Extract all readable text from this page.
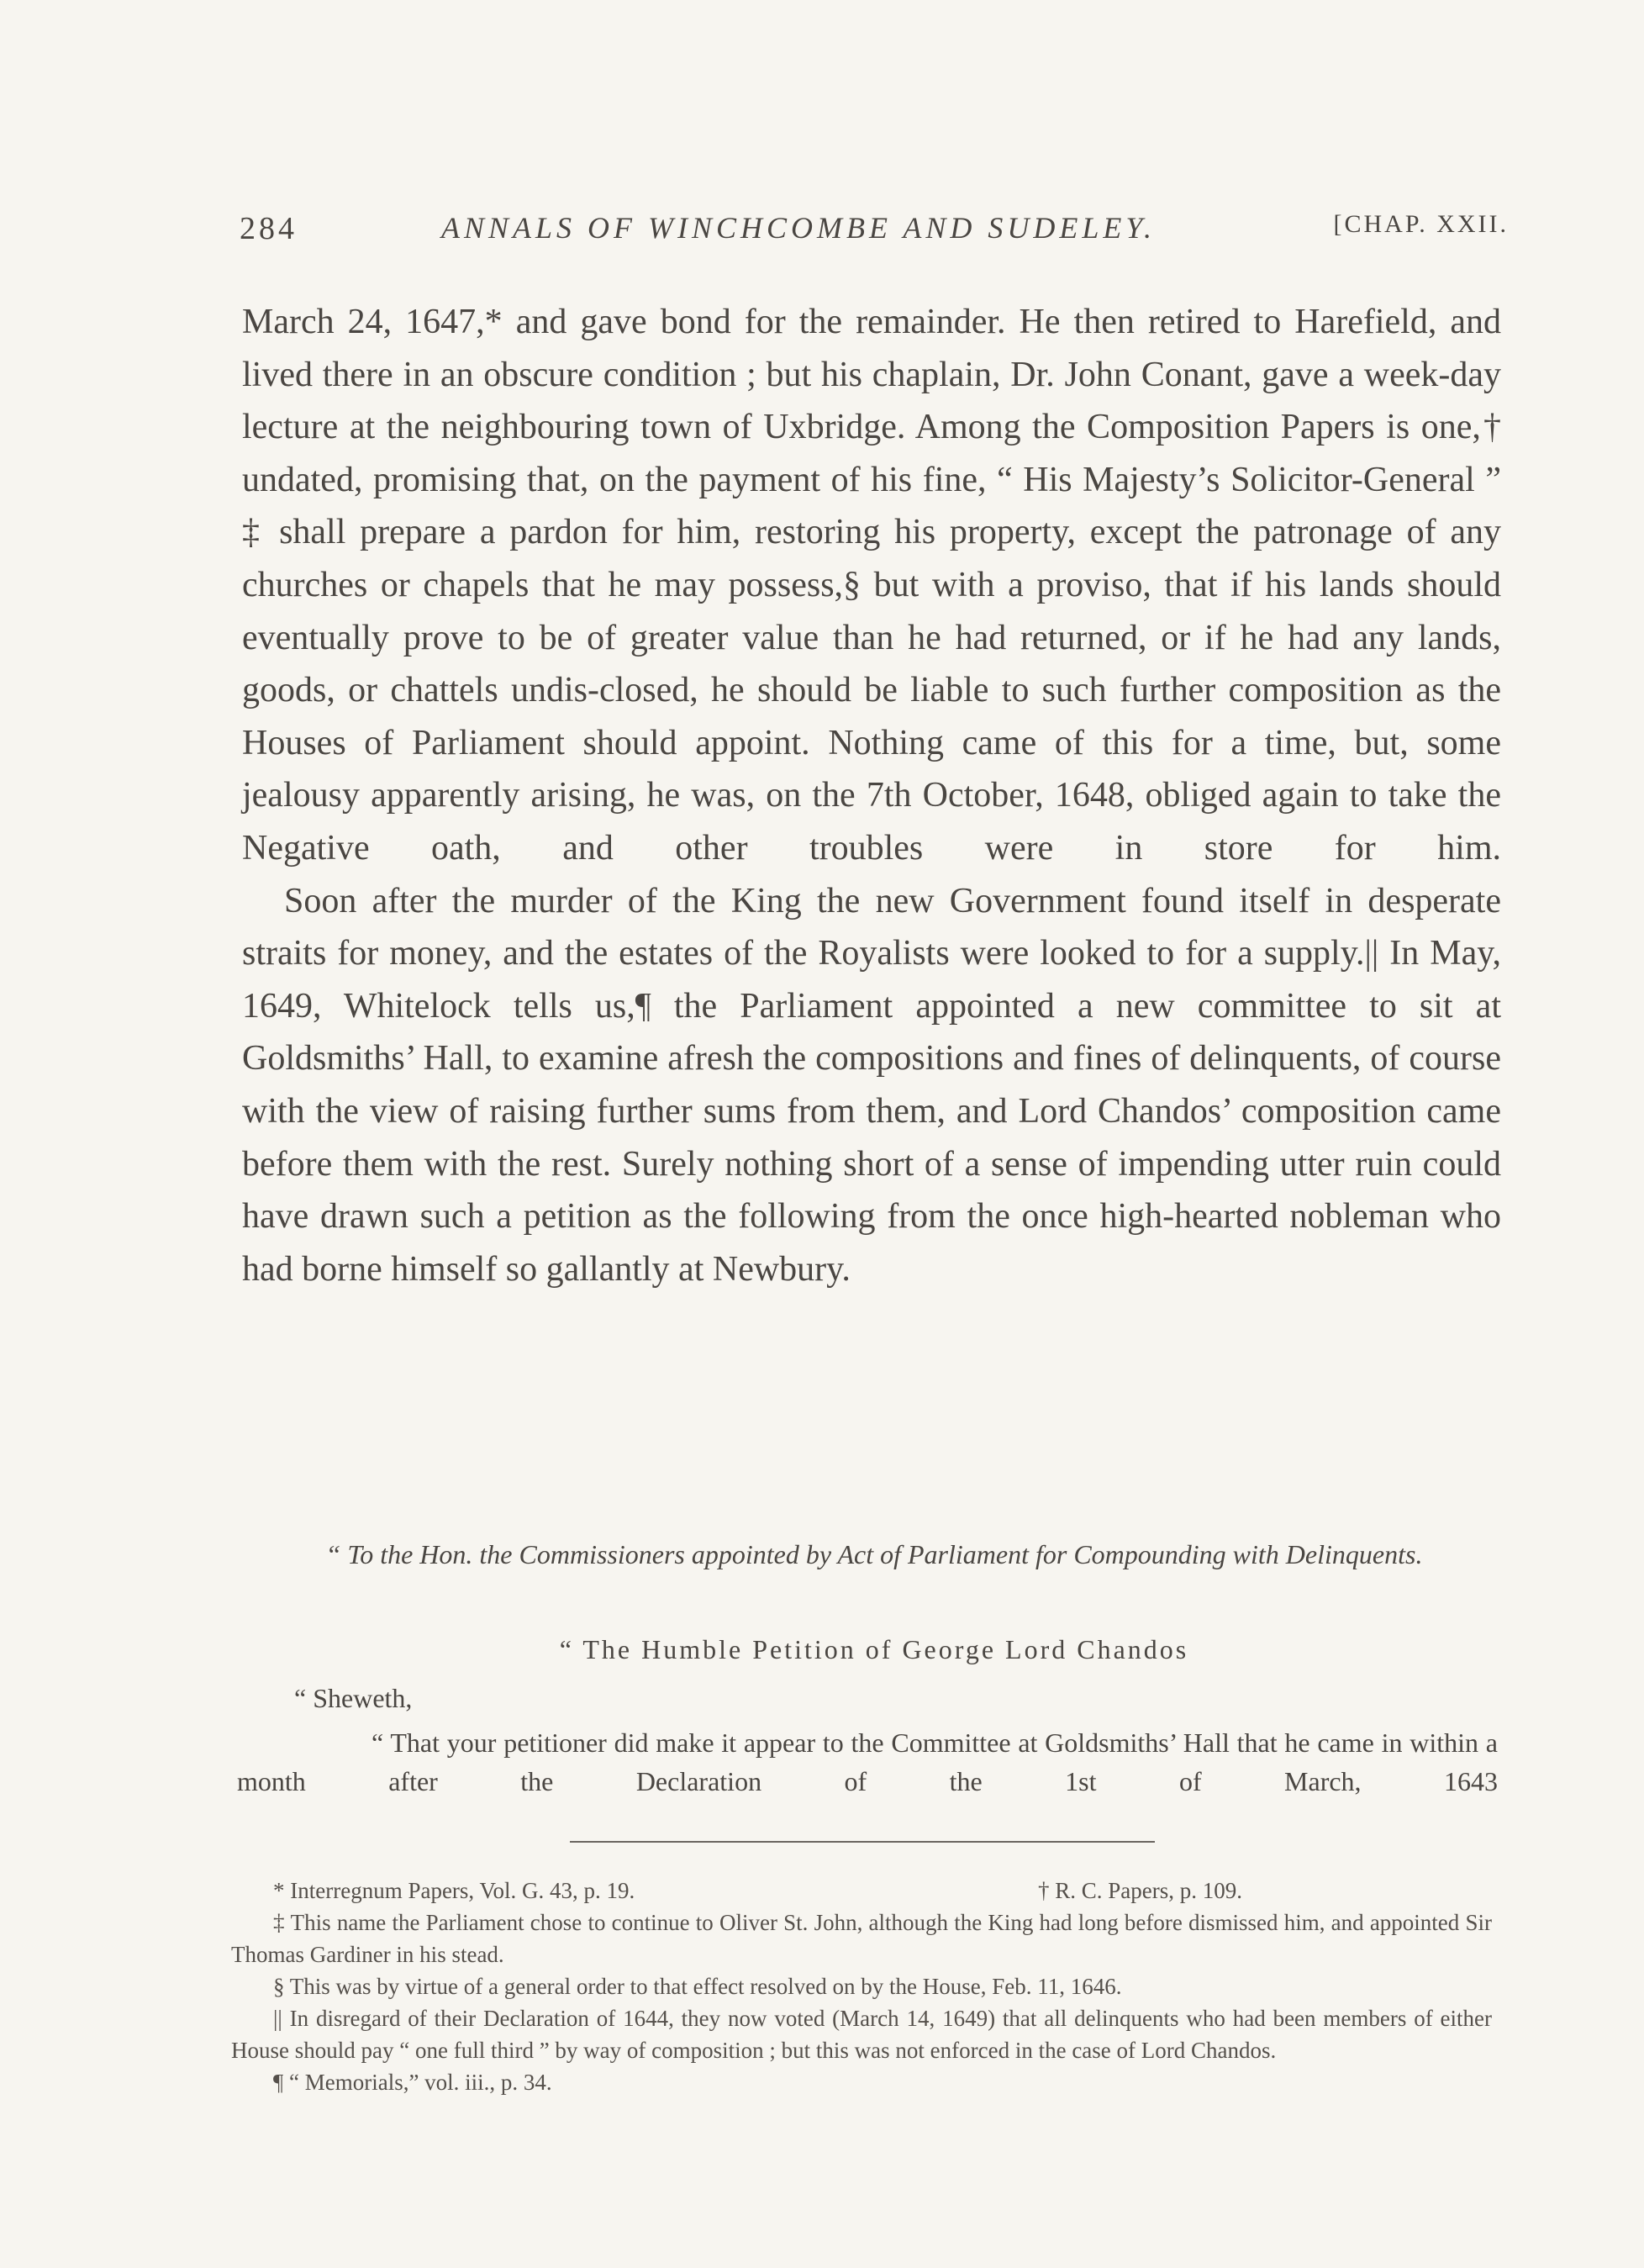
284	ANNALS OF WINCHCOMBE AND SUDELEY.	[CHAP. XXII.

March 24, 1647,* and gave bond for the remainder. He then retired to Harefield, and lived there in an obscure condition ; but his chaplain, Dr. John Conant, gave a week-day lecture at the neighbouring town of Uxbridge. Among the Composition Papers is one,† undated, promising that, on the payment of his fine, “ His Majesty’s Solicitor-General ” ‡ shall prepare a pardon for him, restoring his property, except the patronage of any churches or chapels that he may possess,§ but with a proviso, that if his lands should eventually prove to be of greater value than he had returned, or if he had any lands, goods, or chattels undis-closed, he should be liable to such further composition as the Houses of Parliament should appoint. Nothing came of this for a time, but, some jealousy apparently arising, he was, on the 7th October, 1648, obliged again to take the Negative oath, and other troubles were in store for him.

Soon after the murder of the King the new Government found itself in desperate straits for money, and the estates of the Royalists were looked to for a supply.|| In May, 1649, Whitelock tells us,¶ the Parliament appointed a new committee to sit at Goldsmiths’ Hall, to examine afresh the compositions and fines of delinquents, of course with the view of raising further sums from them, and Lord Chandos’ composition came before them with the rest. Surely nothing short of a sense of impending utter ruin could have drawn such a petition as the following from the once high-hearted nobleman who had borne himself so gallantly at Newbury.

“ To the Hon. the Commissioners appointed by Act of Parliament for Compounding with Delinquents.
“ The Humble Petition of George Lord Chandos
“ Sheweth,

“ That your petitioner did make it appear to the Committee at Goldsmiths’ Hall that he came in within a month after the Declaration of the 1st of March, 1643

* Interregnum Papers, Vol. G. 43, p. 19.	† R. C. Papers, p. 109.

‡ This name the Parliament chose to continue to Oliver St. John, although the King had long before dismissed him, and appointed Sir Thomas Gardiner in his stead.

§ This was by virtue of a general order to that effect resolved on by the House, Feb. 11, 1646.

|| In disregard of their Declaration of 1644, they now voted (March 14, 1649) that all delinquents who had been members of either House should pay “ one full third ” by way of composition ; but this was not enforced in the case of Lord Chandos.

¶ “ Memorials,” vol. iii., p. 34.
